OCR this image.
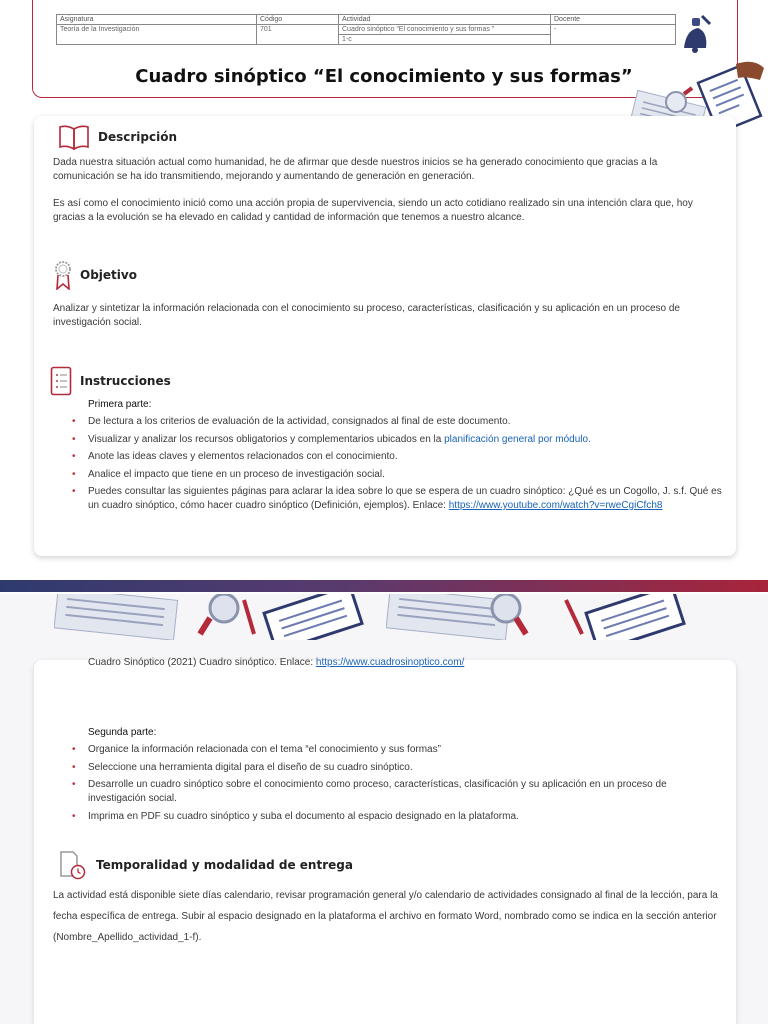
Asignatura	Código	Actividad	Docente
Teoría de la Investigación	701	Cuadro sinóptico “El conocimiento y sus formas ”	-
		1-c	
Cuadro sinóptico “El conocimiento y sus formas”
Descripción
Dada nuestra situación actual como humanidad, he de afirmar que desde nuestros inicios se ha generado conocimiento que gracias a la comunicación se ha ido transmitiendo, mejorando y aumentando de generación en generación.
Es así como el conocimiento inició como una acción propia de supervivencia, siendo un acto cotidiano realizado sin una intención clara que, hoy gracias a la evolución se ha elevado en calidad y cantidad de información que tenemos a nuestro alcance.
Objetivo
Analizar y sintetizar la información relacionada con el conocimiento su proceso, características, clasificación y su aplicación en un proceso de investigación social.
Instrucciones
Primera parte:
• De lectura a los criterios de evaluación de la actividad, consignados al final de este documento.
• Visualizar y analizar los recursos obligatorios y complementarios ubicados en la planificación general por módulo.
• Anote las ideas claves y elementos relacionados con el conocimiento.
• Analice el impacto que tiene en un proceso de investigación social.
• Puedes consultar las siguientes páginas para aclarar la idea sobre lo que se espera de un cuadro sinóptico: ¿Qué es un Cogollo, J. s.f. Qué es un cuadro sinóptico, cómo hacer cuadro sinóptico (Definición, ejemplos). Enlace: https://www.youtube.com/watch?v=rweCgiCfch8
Cuadro Sinóptico (2021) Cuadro sinóptico. Enlace: https://www.cuadrosinoptico.com/
Segunda parte:
• Organice la información relacionada con el tema “el conocimiento y sus formas”
• Seleccione una herramienta digital para el diseño de su cuadro sinóptico.
• Desarrolle un cuadro sinóptico sobre el conocimiento como proceso, características, clasificación y su aplicación en un proceso de investigación social.
• Imprima en PDF su cuadro sinóptico y suba el documento al espacio designado en la plataforma.
Temporalidad y modalidad de entrega
La actividad está disponible siete días calendario, revisar programación general y/o calendario de actividades consignado al final de la lección, para la fecha específica de entrega. Subir al espacio designado en la plataforma el archivo en formato Word, nombrado como se indica en la sección anterior (Nombre_Apellido_actividad_1-f).
